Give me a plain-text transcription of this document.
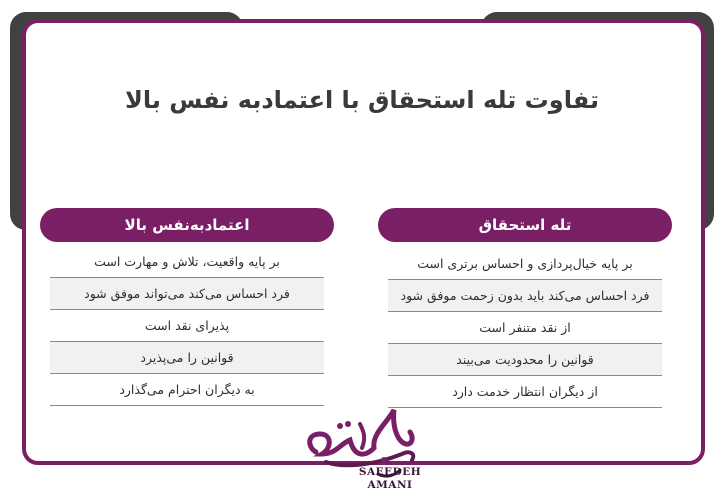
تفاوت تله استحقاق با اعتمادبه نفس بالا
اعتمادبه‌نفس بالا
بر پایه واقعیت، تلاش و مهارت است
فرد احساس می‌کند می‌تواند موفق شود
پذیرای نقد است
قوانین را می‌پذیرد
به دیگران احترام می‌گذارد
تله استحقاق
بر پایه خیال‌پردازی و احساس برتری است
فرد احساس می‌کند باید بدون زحمت موفق شود
از نقد متنفر است
قوانین را محدودیت می‌بیند
از دیگران انتظار خدمت دارد
SAEEDEH
AMANI
